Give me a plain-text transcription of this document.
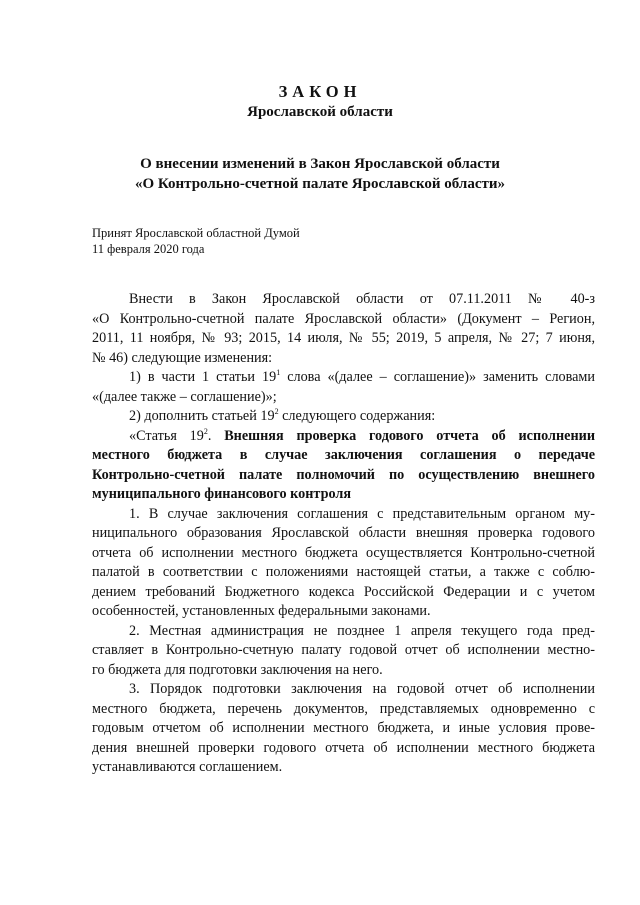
ЗАКОН
Ярославской области
О внесении изменений в Закон Ярославской области
«О Контрольно-счетной палате Ярославской области»
Принят Ярославской областной Думой
11 февраля 2020 года

Внести в Закон Ярославской области от 07.11.2011 № 40-з

«О Контрольно-счетной палате Ярославской области» (Документ – Регион,

2011, 11 ноября, № 93; 2015, 14 июля, № 55; 2019, 5 апреля, № 27; 7 июня,

№ 46) следующие изменения:

1) в части 1 статьи $19^1$ слова «(далее – соглашение)» заменить словами

«(далее также – соглашение)»;

2) дополнить статьей $19^2$ следующего содержания:

«Статья $19^2$. Внешняя проверка годового отчета об исполнении

местного бюджета в случае заключения соглашения о передаче

Контрольно-счетной палате полномочий по осуществлению внешнего

муниципального финансового контроля

1. В случае заключения соглашения с представительным органом му-

ниципального образования Ярославской области внешняя проверка годового

отчета об исполнении местного бюджета осуществляется Контрольно-счетной

палатой в соответствии с положениями настоящей статьи, а также с соблю-

дением требований Бюджетного кодекса Российской Федерации и с учетом

особенностей, установленных федеральными законами.

2. Местная администрация не позднее 1 апреля текущего года пред-

ставляет в Контрольно-счетную палату годовой отчет об исполнении местно-

го бюджета для подготовки заключения на него.

3. Порядок подготовки заключения на годовой отчет об исполнении

местного бюджета, перечень документов, представляемых одновременно с

годовым отчетом об исполнении местного бюджета, и иные условия прове-

дения внешней проверки годового отчета об исполнении местного бюджета

устанавливаются соглашением.
